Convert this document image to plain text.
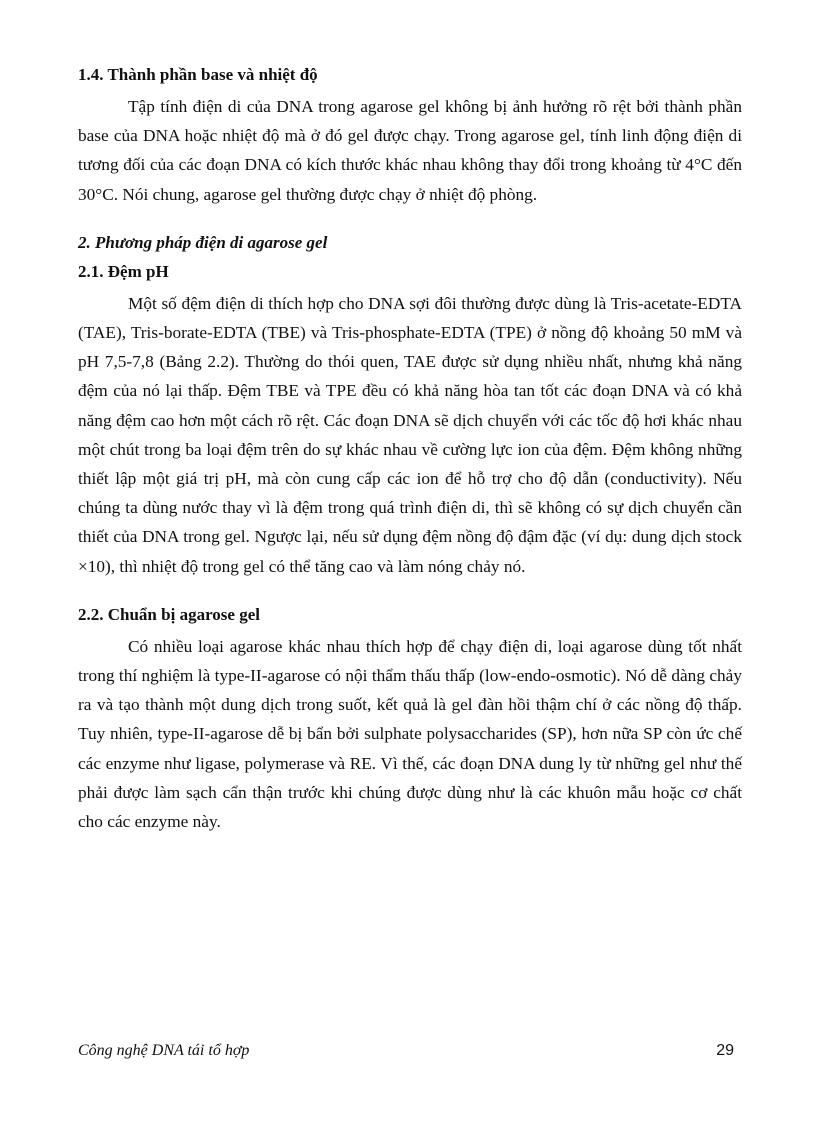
1.4. Thành phần base và nhiệt độ

Tập tính điện di của DNA trong agarose gel không bị ảnh hưởng rõ rệt bởi thành phần base của DNA hoặc nhiệt độ mà ở đó gel được chạy. Trong agarose gel, tính linh động điện di tương đối của các đoạn DNA có kích thước khác nhau không thay đổi trong khoảng từ 4°C đến 30°C. Nói chung, agarose gel thường được chạy ở nhiệt độ phòng.

2. Phương pháp điện di agarose gel
2.1. Đệm pH

Một số đệm điện di thích hợp cho DNA sợi đôi thường được dùng là Tris-acetate-EDTA (TAE), Tris-borate-EDTA (TBE) và Tris-phosphate-EDTA (TPE) ở nồng độ khoảng 50 mM và pH 7,5-7,8 (Bảng 2.2). Thường do thói quen, TAE được sử dụng nhiều nhất, nhưng khả năng đệm của nó lại thấp. Đệm TBE và TPE đều có khả năng hòa tan tốt các đoạn DNA và có khả năng đệm cao hơn một cách rõ rệt. Các đoạn DNA sẽ dịch chuyển với các tốc độ hơi khác nhau một chút trong ba loại đệm trên do sự khác nhau về cường lực ion của đệm. Đệm không những thiết lập một giá trị pH, mà còn cung cấp các ion để hỗ trợ cho độ dẫn (conductivity). Nếu chúng ta dùng nước thay vì là đệm trong quá trình điện di, thì sẽ không có sự dịch chuyển cần thiết của DNA trong gel. Ngược lại, nếu sử dụng đệm nồng độ đậm đặc (ví dụ: dung dịch stock ×10), thì nhiệt độ trong gel có thể tăng cao và làm nóng chảy nó.

2.2. Chuẩn bị agarose gel

Có nhiều loại agarose khác nhau thích hợp để chạy điện di, loại agarose dùng tốt nhất trong thí nghiệm là type-II-agarose có nội thẩm thấu thấp (low-endo-osmotic). Nó dễ dàng chảy ra và tạo thành một dung dịch trong suốt, kết quả là gel đàn hồi thậm chí ở các nồng độ thấp. Tuy nhiên, type-II-agarose dễ bị bẩn bởi sulphate polysaccharides (SP), hơn nữa SP còn ức chế các enzyme như ligase, polymerase và RE. Vì thế, các đoạn DNA dung ly từ những gel như thế phải được làm sạch cẩn thận trước khi chúng được dùng như là các khuôn mẫu hoặc cơ chất cho các enzyme này.

Công nghệ DNA tái tổ hợp	29
